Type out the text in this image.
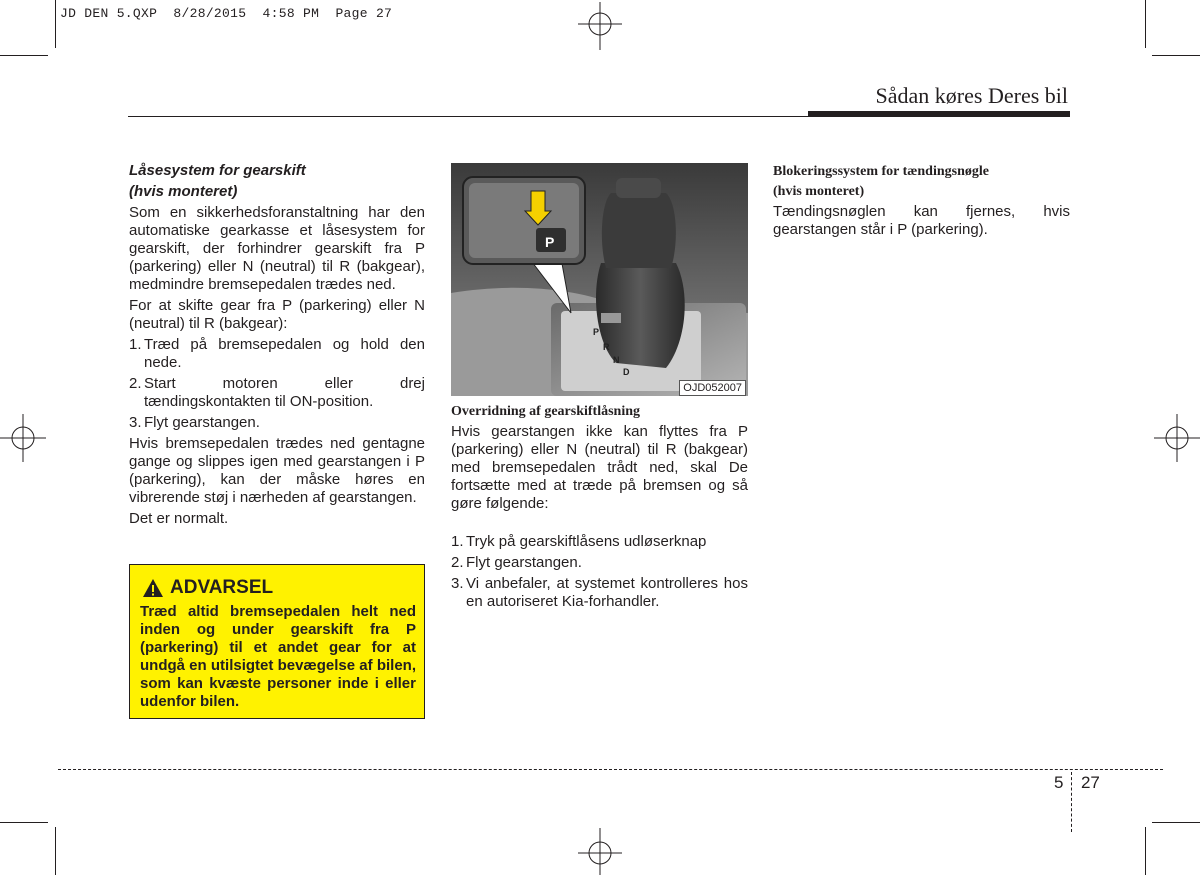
JD DEN 5.QXP  8/28/2015  4:58 PM  Page 27
Sådan køres Deres bil

Låsesystem for gearskift

(hvis monteret)

Som en sikkerhedsforanstaltning har den automatiske gearkasse et låsesystem for gearskift, der forhindrer gearskift fra P (parkering) eller N (neutral) til R (bakgear), medmindre bremsepedalen trædes ned.

For at skifte gear fra P (parkering) eller N (neutral) til R (bakgear):

1. Træd på bremsepedalen og hold den nede.
2. Start motoren eller drej tændingskontakten til ON-position.
3. Flyt gearstangen.

Hvis bremsepedalen trædes ned gentagne gange og slippes igen med gearstangen i P (parkering), kan der måske høres en vibrerende støj i nærheden af gearstangen.

Det er normalt.

ADVARSEL
Træd altid bremsepedalen helt ned inden og under gearskift fra P (parkering) til et andet gear for at undgå en utilsigtet bevægelse af bilen, som kan kvæste personer inde i eller udenfor bilen.
P
R
N
D
P
OJD052007

Overridning af gearskiftlåsning

Hvis gearstangen ikke kan flyttes fra P (parkering) eller N (neutral) til R (bakgear) med bremsepedalen trådt ned, skal De fortsætte med at træde på bremsen og så gøre følgende:

1. Tryk på gearskiftlåsens udløserknap
2. Flyt gearstangen.
3. Vi anbefaler, at systemet kontrolleres hos en autoriseret Kia-forhandler.

Blokeringssystem for tændingsnøgle

(hvis monteret)

Tændingsnøglen kan fjernes, hvis gearstangen står i P (parkering).

5 27
